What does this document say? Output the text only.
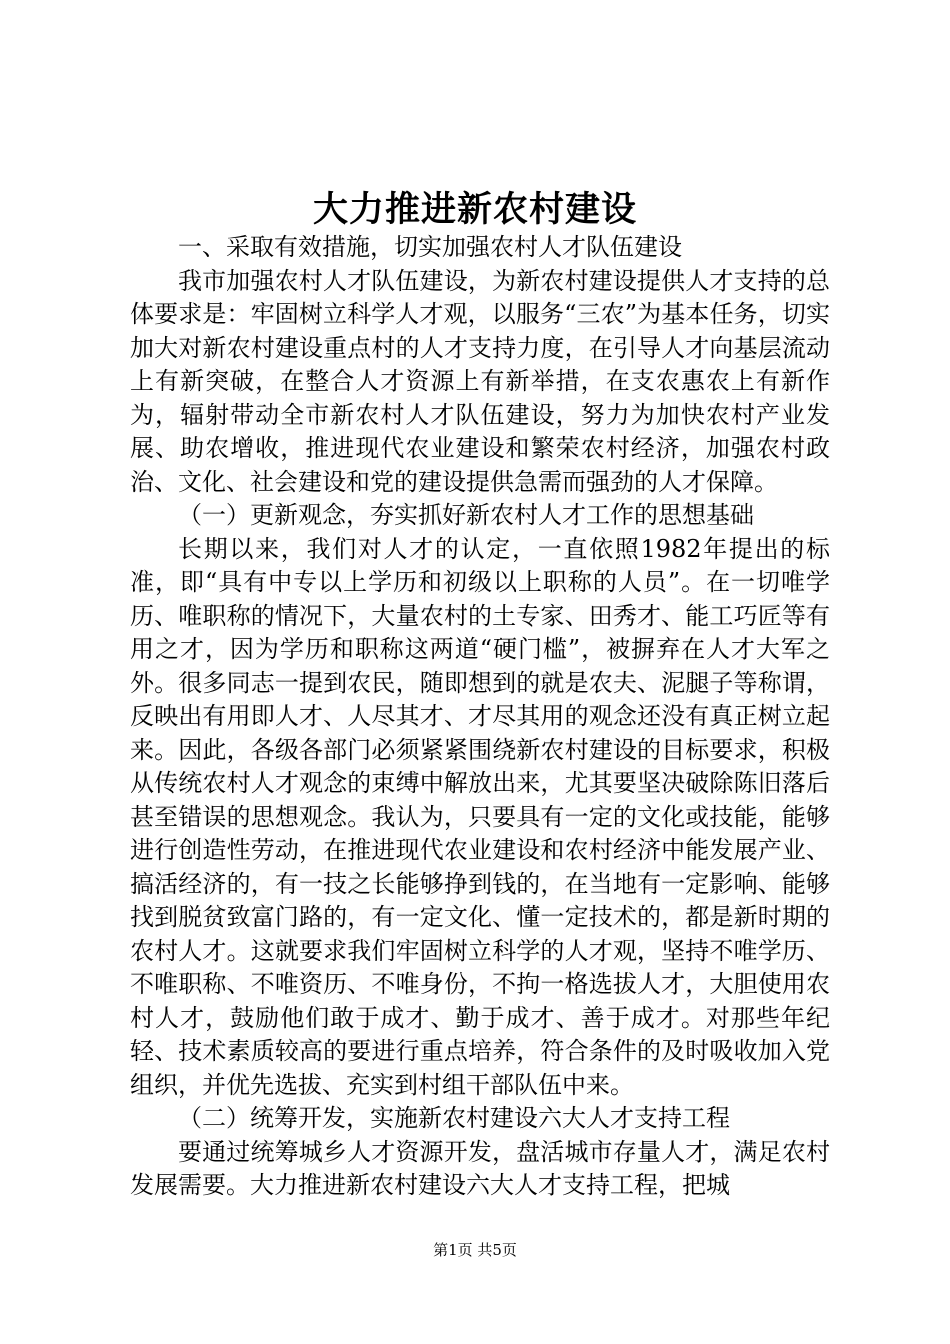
大力推进新农村建设

一、采取有效措施，切实加强农村人才队伍建设

我市加强农村人才队伍建设，为新农村建设提供人才支持的总体要求是：牢固树立科学人才观，以服务“三农”为基本任务，切实加大对新农村建设重点村的人才支持力度，在引导人才向基层流动上有新突破，在整合人才资源上有新举措，在支农惠农上有新作为，辐射带动全市新农村人才队伍建设，努力为加快农村产业发展、助农增收，推进现代农业建设和繁荣农村经济，加强农村政治、文化、社会建设和党的建设提供急需而强劲的人才保障。

（一）更新观念，夯实抓好新农村人才工作的思想基础

长期以来，我们对人才的认定，一直依照1982年提出的标准，即“具有中专以上学历和初级以上职称的人员”。在一切唯学历、唯职称的情况下，大量农村的土专家、田秀才、能工巧匠等有用之才，因为学历和职称这两道“硬门槛”，被摒弃在人才大军之外。很多同志一提到农民，随即想到的就是农夫、泥腿子等称谓，反映出有用即人才、人尽其才、才尽其用的观念还没有真正树立起来。因此，各级各部门必须紧紧围绕新农村建设的目标要求，积极从传统农村人才观念的束缚中解放出来，尤其要坚决破除陈旧落后甚至错误的思想观念。我认为，只要具有一定的文化或技能，能够进行创造性劳动，在推进现代农业建设和农村经济中能发展产业、搞活经济的，有一技之长能够挣到钱的，在当地有一定影响、能够找到脱贫致富门路的，有一定文化、懂一定技术的，都是新时期的农村人才。这就要求我们牢固树立科学的人才观，坚持不唯学历、不唯职称、不唯资历、不唯身份，不拘一格选拔人才，大胆使用农村人才，鼓励他们敢于成才、勤于成才、善于成才。对那些年纪轻、技术素质较高的要进行重点培养，符合条件的及时吸收加入党组织，并优先选拔、充实到村组干部队伍中来。

（二）统筹开发，实施新农村建设六大人才支持工程

要通过统筹城乡人才资源开发，盘活城市存量人才，满足农村发展需要。大力推进新农村建设六大人才支持工程，把城

第1页 共5页
